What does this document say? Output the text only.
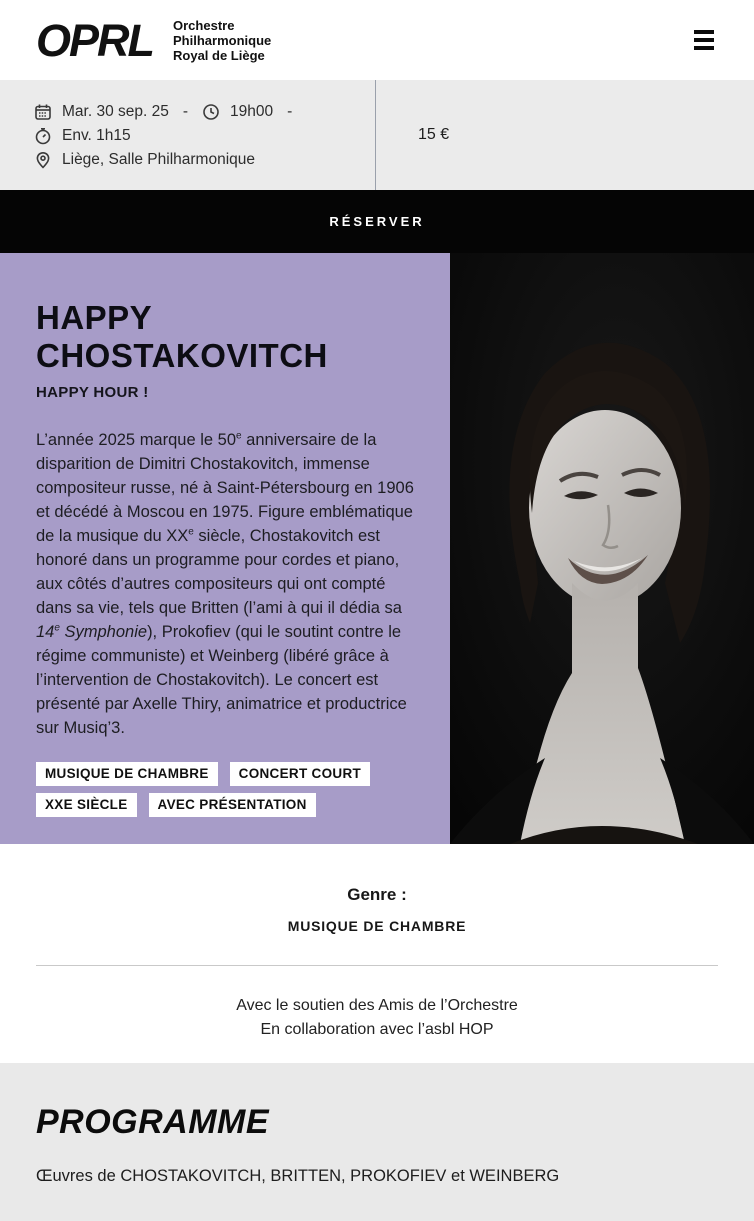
OPRL	Orchestre
Philharmonique
Royal de Liège
Mar. 30 sep. 25 -	19h00 -
Env. 1h15
Liège, Salle Philharmonique
15 €
RÉSERVER
HAPPY CHOSTAKOVITCH
HAPPY HOUR !

L’année 2025 marque le 50e anniversaire de la disparition de Dimitri Chostakovitch, immense compositeur russe, né à Saint-Pétersbourg en 1906 et décédé à Moscou en 1975. Figure emblématique de la musique du XXe siècle, Chostakovitch est honoré dans un programme pour cordes et piano, aux côtés d’autres compositeurs qui ont compté dans sa vie, tels que Britten (l’ami à qui il dédia sa 14e Symphonie), Prokofiev (qui le soutint contre le régime communiste) et Weinberg (libéré grâce à l’intervention de Chostakovitch). Le concert est présenté par Axelle Thiry, animatrice et productrice sur Musiq’3.

MUSIQUE DE CHAMBRE	CONCERT COURT
XXE SIÈCLE	AVEC PRÉSENTATION
Genre :
MUSIQUE DE CHAMBRE
Avec le soutien des Amis de l’Orchestre
En collaboration avec l’asbl HOP
PROGRAMME

Œuvres de CHOSTAKOVITCH, BRITTEN, PROKOFIEV et WEINBERG
